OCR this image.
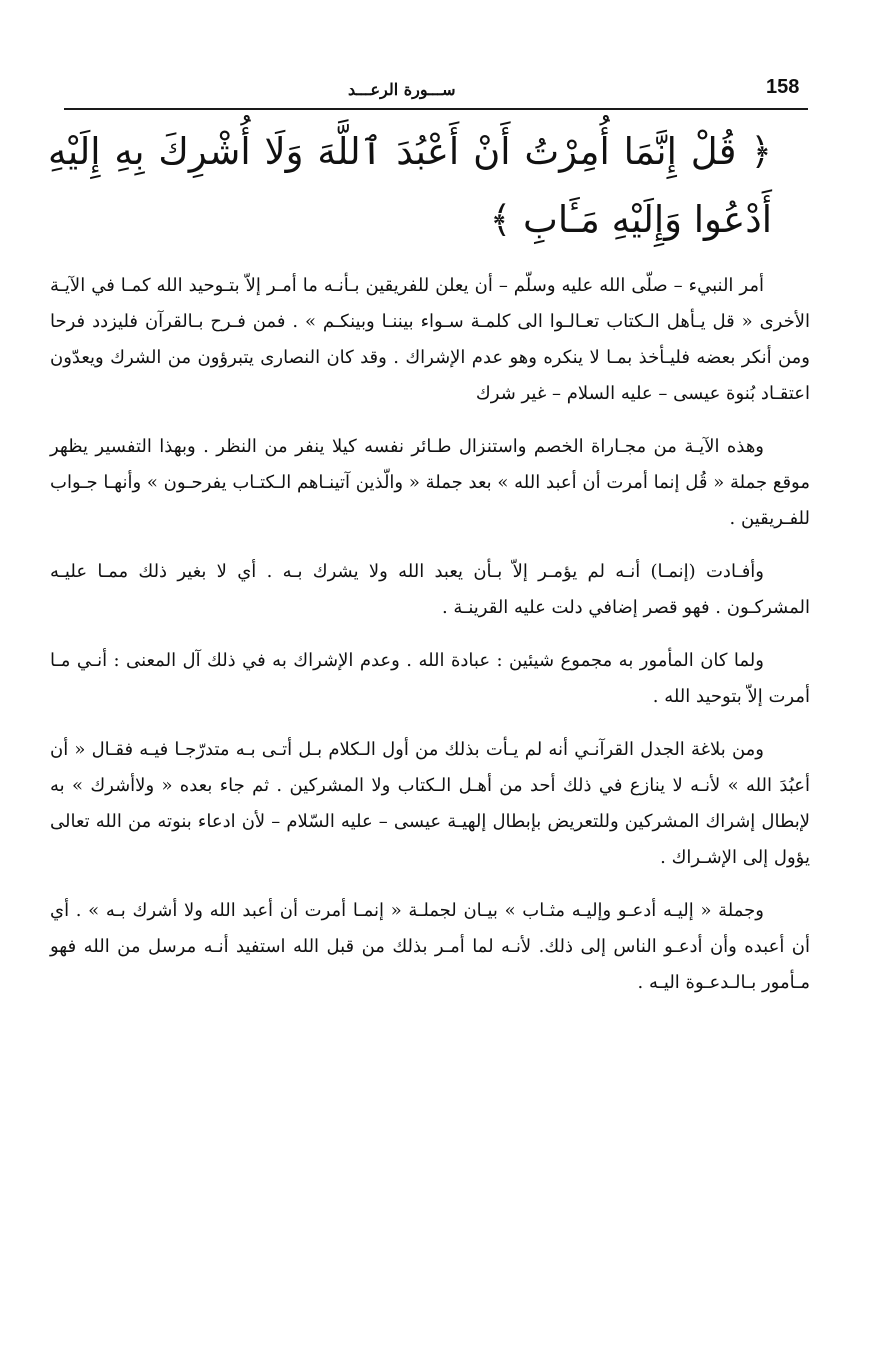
158
ســـورة الرعـــد
﴿ قُلْ إِنَّمَا أُمِرْتُ أَنْ أَعْبُدَ ٱللَّهَ وَلَا أُشْرِكَ بِهِ إِلَيْهِ أَدْعُوا وَإِلَيْهِ مَـَٔابِ ﴾

أمر النبيء – صلّى الله عليه وسلّم – أن يعلن للفريقين بـأنـه ما أمـر إلاّ بتـوحيد الله كمـا في الآيـة الأخرى « قل يـأهل الـكتاب تعـالـوا الى كلمـة سـواء بيننـا وبينكـم » . فمن فـرح بـالقرآن فليزدد فرحا ومن أنكر بعضه فليـأخذ بمـا لا ينكره وهو عدم الإشراك . وقد كان النصارى يتبرؤون من الشرك ويعدّون اعتقـاد بُنوة عيسى – عليه السلام – غير شرك

وهذه الآيـة من مجـاراة الخصم واستنزال طـائر نفسه كيلا ينفر من النظر . وبهذا التفسير يظهر موقع جملة « قُل إنما أمرت أن أعبد الله » بعد جملة « والّذين آتينـاهم الـكتـاب يفرحـون » وأنهـا جـواب للفـريقين .

وأفـادت (إنمـا) أنـه لم يؤمـر إلاّ بـأن يعبد الله ولا يشرك بـه . أي لا بغير ذلك ممـا عليـه المشركـون . فهو قصر إضافي دلت عليه القرينـة .

ولما كان المأمور به مجموع شيئين : عبادة الله . وعدم الإشراك به في ذلك آل المعنى : أنـي مـا أمرت إلاّ بتوحيد الله .

ومن بلاغة الجدل القرآنـي أنه لم يـأت بذلك من أول الـكلام بـل أتـى بـه متدرّجـا فيـه فقـال « أن أعبُدَ الله » لأنـه لا ينازع في ذلك أحد من أهـل الـكتاب ولا المشركين . ثم جاء بعده « ولاأشرك » به لإبطال إشراك المشركين وللتعريض بإبطال إلهيـة عيسى – عليه السّلام – لأن ادعاء بنوته من الله تعالى يؤول إلى الإشـراك .

وجملة « إليـه أدعـو وإليـه مثـاب » بيـان لجملـة « إنمـا أمرت أن أعبد الله ولا أشرك بـه » . أي أن أعبده وأن أدعـو الناس إلى ذلك. لأنـه لما أمـر بذلك من قبل الله استفيد أنـه مرسل من الله فهو مـأمور بـالـدعـوة اليـه .
